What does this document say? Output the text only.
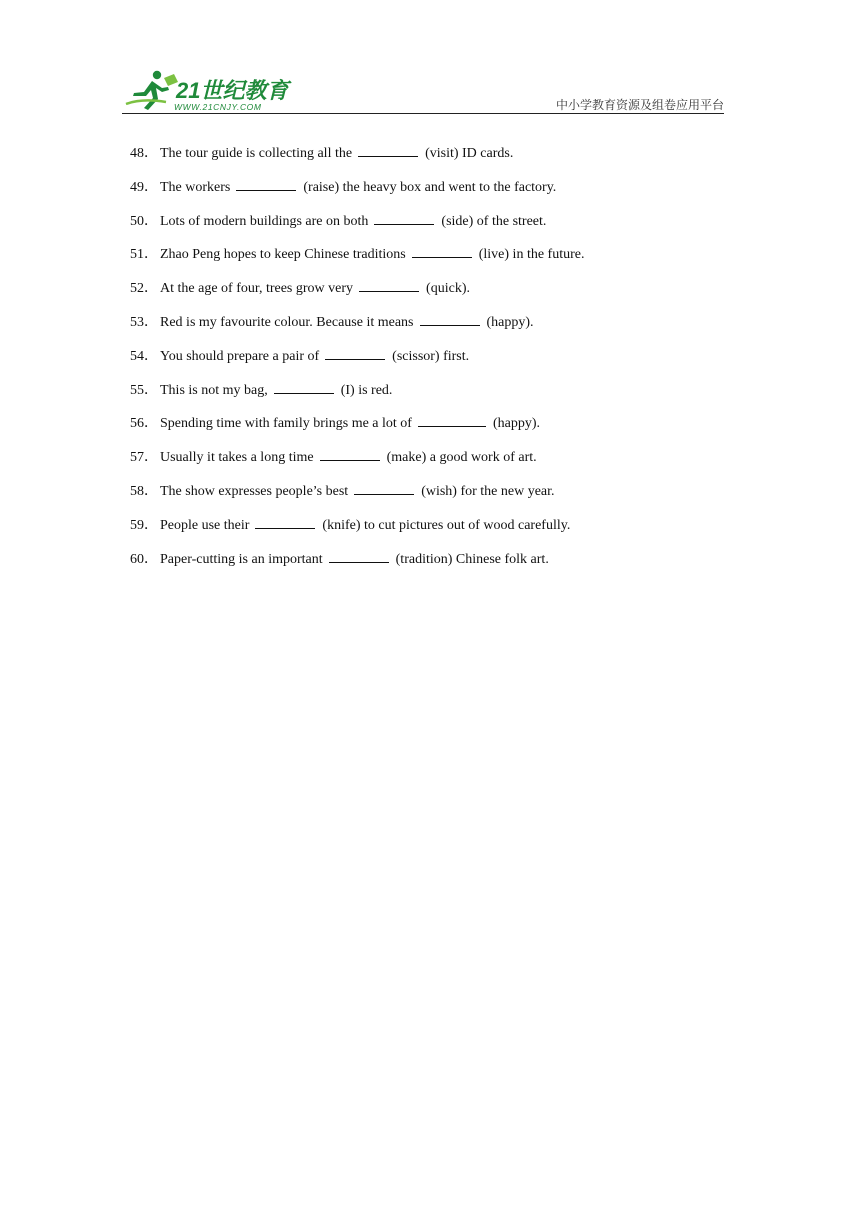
21世纪教育
WWW.21CNJY.COM	中小学教育资源及组卷应用平台
48． The tour guide is collecting all the	(visit) ID cards.
49． The workers	(raise) the heavy box and went to the factory.
50． Lots of modern buildings are on both	(side) of the street.
51． Zhao Peng hopes to keep Chinese traditions	(live) in the future.
52． At the age of four, trees grow very	(quick).
53． Red is my favourite colour. Because it means	(happy).
54． You should prepare a pair of	(scissor) first.
55． This is not my bag,	(I) is red.
56． Spending time with family brings me a lot of	(happy).
57． Usually it takes a long time	(make) a good work of art.
58． The show expresses people’s best	(wish) for the new year.
59． People use their	(knife) to cut pictures out of wood carefully.
60． Paper-cutting is an important	(tradition) Chinese folk art.
